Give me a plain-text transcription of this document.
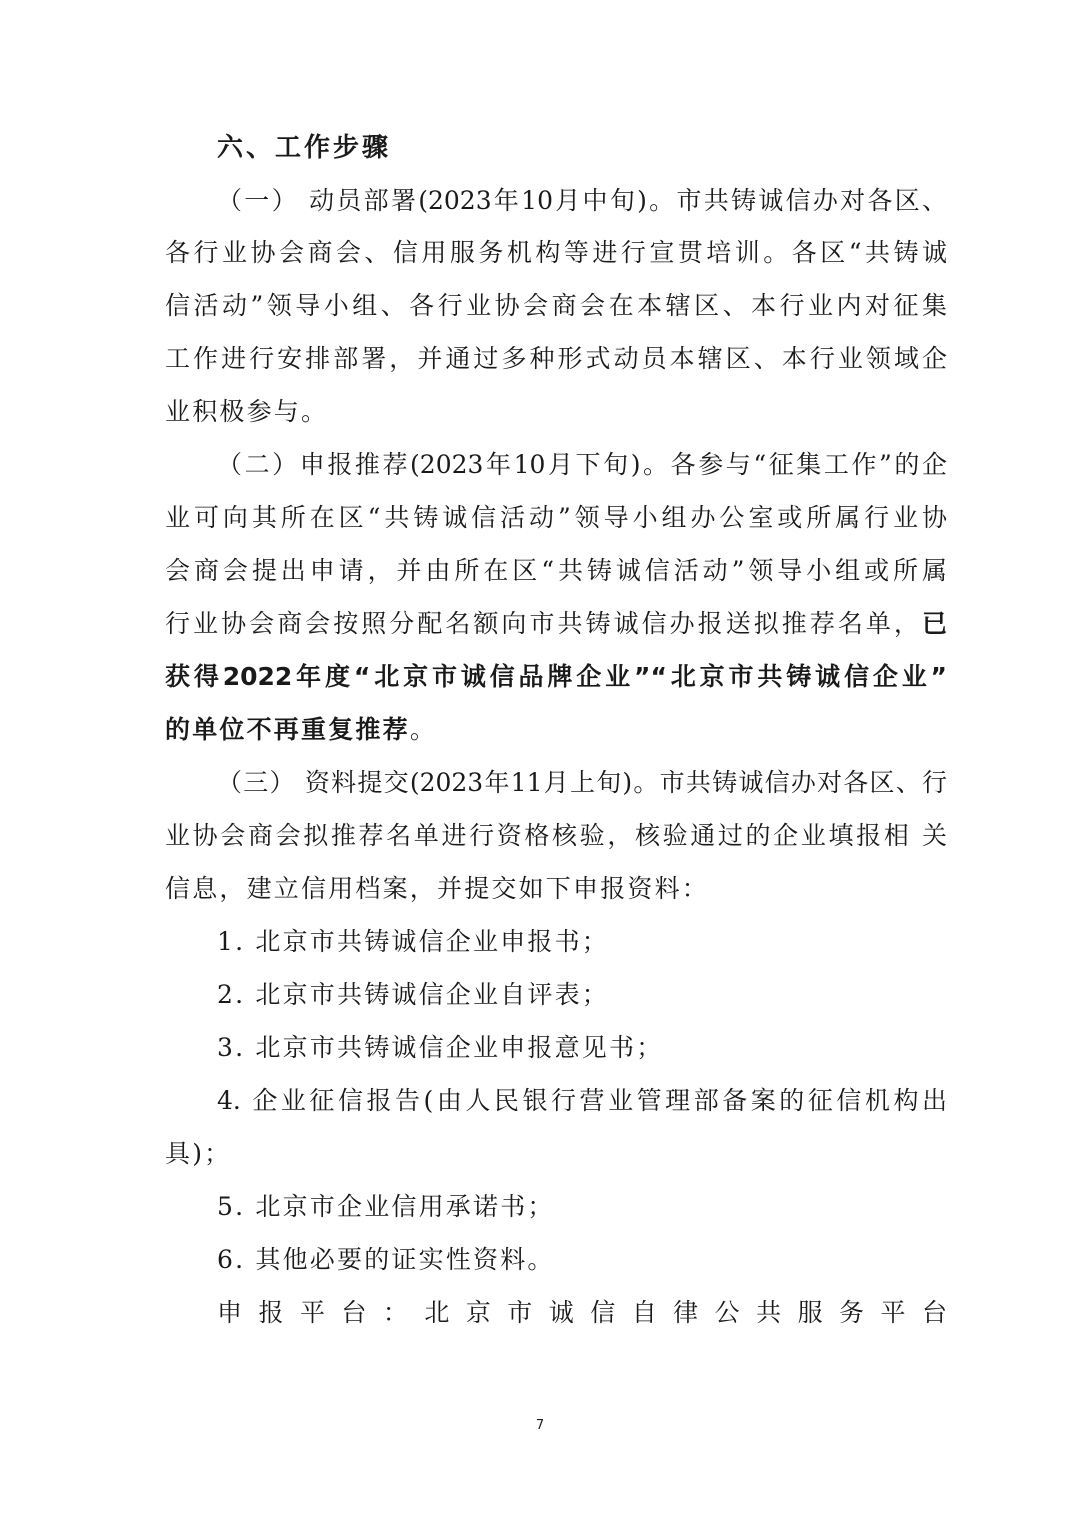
六、工作步骤
（一） 动员部署(2023年10月中旬)。市共铸诚信办对各区、
各行业协会商会、信用服务机构等进行宣贯培训。各区“共铸诚
信活动”领导小组、各行业协会商会在本辖区、本行业内对征集
工作进行安排部署，并通过多种形式动员本辖区、本行业领域企
业积极参与。
（二）申报推荐(2023年10月下旬)。各参与“征集工作”的企
业可向其所在区“共铸诚信活动”领导小组办公室或所属行业协
会商会提出申请，并由所在区“共铸诚信活动”领导小组或所属
行业协会商会按照分配名额向市共铸诚信办报送拟推荐名单，已
获得2022年度“北京市诚信品牌企业”“北京市共铸诚信企业”
的单位不再重复推荐。
（三） 资料提交(2023年11月上旬)。市共铸诚信办对各区、行
业协会商会拟推荐名单进行资格核验，核验通过的企业填报相 关
信息，建立信用档案，并提交如下申报资料：
1. 北京市共铸诚信企业申报书；
2. 北京市共铸诚信企业自评表；
3. 北京市共铸诚信企业申报意见书；
4. 企业征信报告(由人民银行营业管理部备案的征信机构出
具)；
5. 北京市企业信用承诺书；
6. 其他必要的证实性资料。
申报平台：北京市诚信自律公共服务平台
7
